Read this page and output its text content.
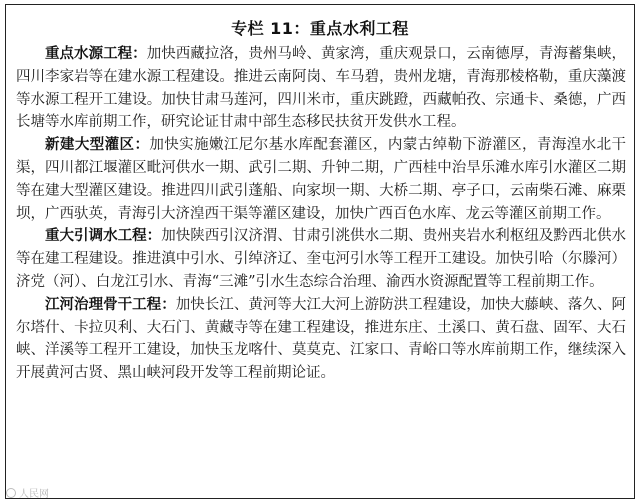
专栏 11：重点水利工程

重点水源工程：加快西藏拉洛，贵州马岭、黄家湾，重庆观景口，云南德厚，青海蓄集峡，四川李家岩等在建水源工程建设。推进云南阿岗、车马碧，贵州龙塘，青海那棱格勒，重庆藻渡等水源工程开工建设。加快甘肃马莲河，四川米市，重庆跳蹬，西藏帕孜、宗通卡、桑德，广西长塘等水库前期工作，研究论证甘肃中部生态移民扶贫开发供水工程。

新建大型灌区：加快实施嫩江尼尔基水库配套灌区，内蒙古绰勒下游灌区，青海湟水北干渠，四川都江堰灌区毗河供水一期、武引二期、升钟二期，广西桂中治旱乐滩水库引水灌区二期等在建大型灌区建设。推进四川武引蓬船、向家坝一期、大桥二期、亭子口，云南柴石滩、麻栗坝，广西驮英，青海引大济湟西干渠等灌区建设，加快广西百色水库、龙云等灌区前期工作。

重大引调水工程：加快陕西引汉济渭、甘肃引洮供水二期、贵州夹岩水利枢纽及黔西北供水等在建工程建设。推进滇中引水、引绰济辽、奎屯河引水等工程开工建设。加快引哈（尔滕河）济党（河）、白龙江引水、青海“三滩”引水生态综合治理、渝西水资源配置等工程前期工作。

江河治理骨干工程：加快长江、黄河等大江大河上游防洪工程建设，加快大藤峡、落久、阿尔塔什、卡拉贝利、大石门、黄藏寺等在建工程建设，推进东庄、土溪口、黄石盘、固军、大石峡、洋溪等工程开工建设，加快玉龙喀什、莫莫克、江家口、青峪口等水库前期工作，继续深入开展黄河古贤、黑山峡河段开发等工程前期论证。

人民网
